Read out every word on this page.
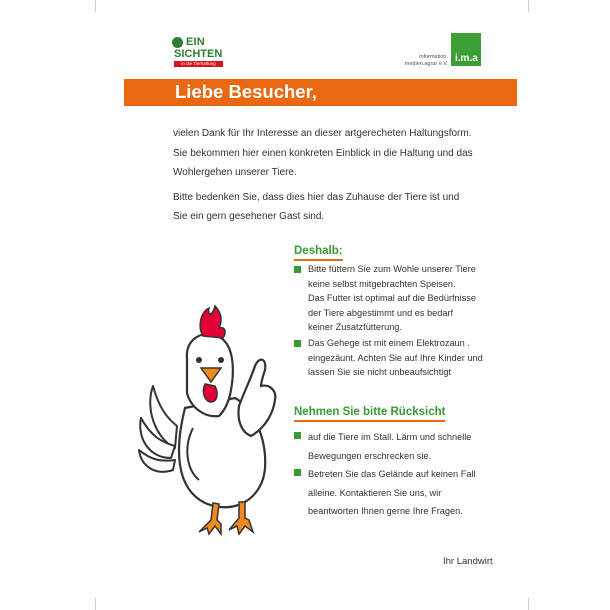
EIN
SICHTEN
in die Tierhaltung
information.
medien.agrar e.V. i.m.a
Liebe Besucher,

vielen Dank für Ihr Interesse an dieser artgerecheten Haltungsform.

Sie bekommen hier einen konkreten Einblick in die Haltung und das

Wohlergehen unserer Tiere.

Bitte bedenken Sie, dass dies hier das Zuhause der Tiere ist und

Sie ein gern gesehener Gast sind.

Deshalb:
Bitte füttern Sie zum Wohle unserer Tiere
keine selbst mitgebrachten Speisen.
Das Futter ist optimal auf die Bedürfnisse
der Tiere abgestimmt und es bedarf
keiner Zusatzfütterung.
Das Gehege ist mit einem Elektrozaun .
eingezäunt. Achten Sie auf Ihre Kinder und
lassen Sie sie nicht unbeaufsichtigt
Nehmen Sie bitte Rücksicht
auf die Tiere im Stall. Lärm und schnelle
Bewegungen erschrecken sie.
Betreten Sie das Gelände auf keinen Fall
alleine. Kontaktieren Sie uns, wir
beantworten Ihnen gerne Ihre Fragen.
Ihr Landwirt
